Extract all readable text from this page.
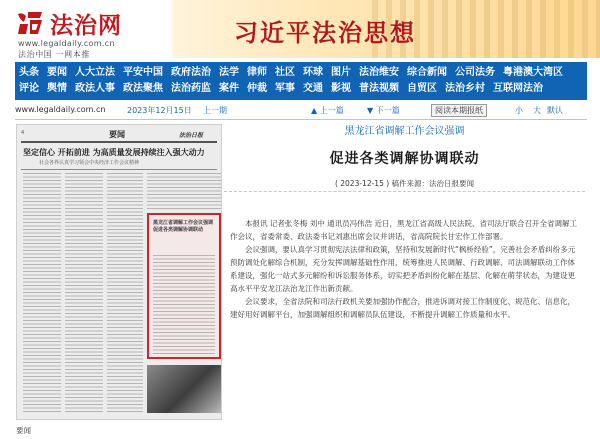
法治网
www.legaldaily.com.cn
法治中国 一网本推
习近平法治思想
头条 要闻 人大立法 平安中国 政府法治 法学 律师 社区 环球 图片 法治维安 综合新闻 公司法务 粤港澳大湾区
评论 舆情 政法人事 政法聚焦 法治药监 案件 仲裁 军事 交通 影视 普法视频 自贸区 法治乡村 互联网法治
www.legaldaily.com.cn	2023年12月15日 上一期	▲ 上一篇	▼ 下一篇	阅读本期报纸	小 大 默认
4	要闻	法治日报
坚定信心 开拓前进 为高质量发展持续注入强大动力
社会各界认真学习领会中央经济工作会议精神
黑龙江省调解工作会议强调 促进各类调解协调联动
黑龙江省调解工作会议强调
促进各类调解协调联动
( 2023-12-15 ) 稿件来源：法治日报要闻

本报讯 记者张冬梅 刘中 通讯员冯伟浩 近日，黑龙江省高级人民法院、省司法厅联合召开全省调解工作会议，省委常委、政法委书记刘惠出席会议并讲话，省高院院长甘宏作工作部署。

会议强调，要认真学习贯彻宪法法律和政策，坚持和发展新时代“枫桥经验”，完善社会矛盾纠纷多元预防调处化解综合机制，充分发挥调解基础性作用，统筹推进人民调解、行政调解、司法调解联动工作体系建设，强化一站式多元解纷和诉讼服务体系，切实把矛盾纠纷化解在基层、化解在萌芽状态，为建设更高水平平安龙江法治龙江作出新贡献。

会议要求，全省法院和司法行政机关要加强协作配合，推进诉调对接工作制度化、规范化、信息化，建好用好调解平台，加强调解组织和调解员队伍建设，不断提升调解工作质量和水平。

要闻
